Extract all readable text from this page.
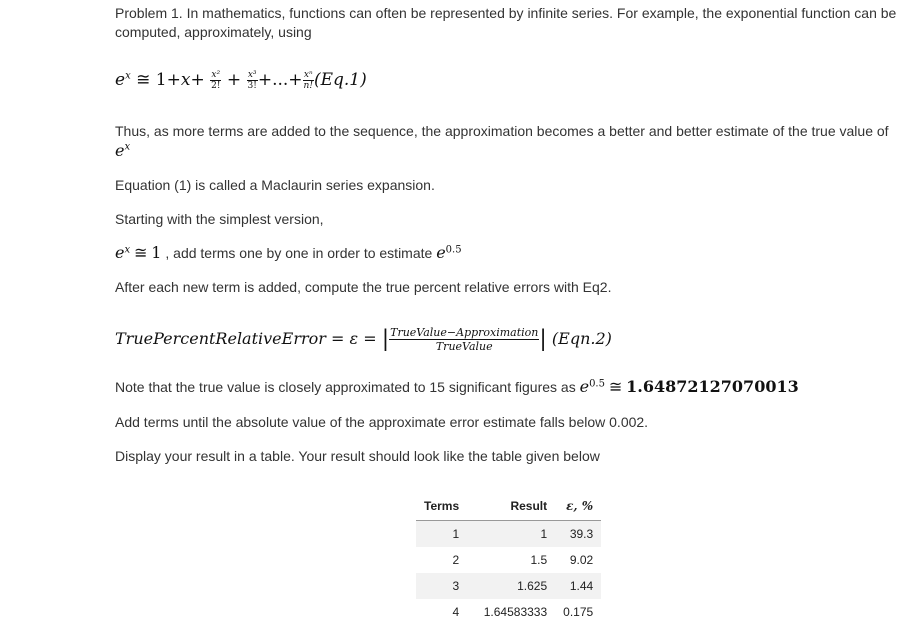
Problem 1. In mathematics, functions can often be represented by infinite series. For example, the exponential function can be

computed, approximately, using

$e^x$ ≅ $1+x+ \frac{\text{x²}}{2!} + \frac{\text{x³}}{3!}$ +...+ $\frac{\text{xⁿ}}{n!} (Eq.1)$

Thus, as more terms are added to the sequence, the approximation becomes a better and better estimate of the true value of

$e^x$

Equation (1) is called a Maclaurin series expansion.

Starting with the simplest version,

$e^x$ ≅ 1 , add terms one by one in order to estimate $e^{0.5}$

After each new term is added, compute the true percent relative errors with Eq2.

TruePercentRelativeError = ε = | $\frac{\text{TrueValue−Approximation}}{\text{TrueValue}}$ | (Eqn.2)

Note that the true value is closely approximated to 15 significant figures as $e^{0.5}$ ≅ 1.64872127070013

Add terms until the absolute value of the approximate error estimate falls below 0.002.

Display your result in a table. Your result should look like the table given below

Terms	Result	ε, %
1	1	39.3
2	1.5	9.02
3	1.625	1.44
4	1.64583333	0.175
